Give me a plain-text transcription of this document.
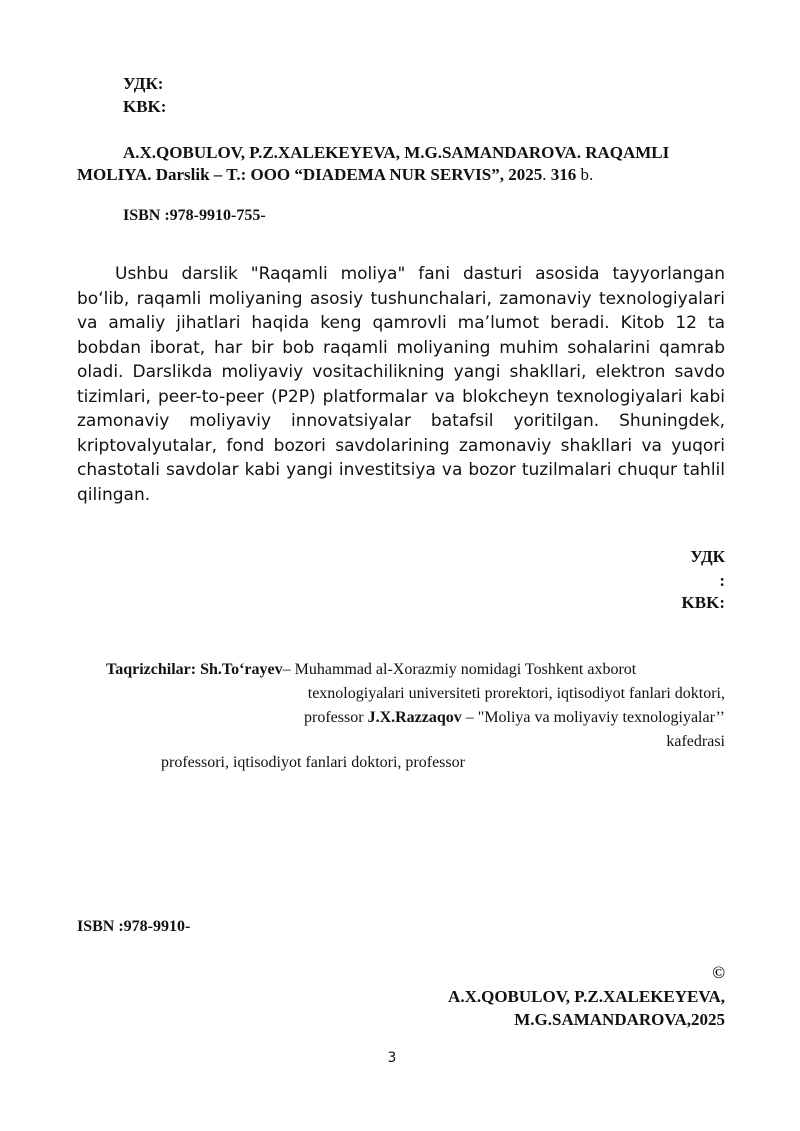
УДК:
KBK:
A.X.QOBULOV, P.Z.XALEKEYEVA, M.G.SAMANDAROVA. RAQAMLI
MOLIYA. Darslik – T.: OOO “DIADEMA NUR SERVIS”, 2025. 316 b.
ISBN :978-9910-755-
Ushbu darslik "Raqamli moliya" fani dasturi asosida tayyorlangan
bo‘lib, raqamli moliyaning asosiy tushunchalari, zamonaviy texnologiyalari
va amaliy jihatlari haqida keng qamrovli ma’lumot beradi. Kitob 12 ta
bobdan iborat, har bir bob raqamli moliyaning muhim sohalarini qamrab
oladi. Darslikda moliyaviy vositachilikning yangi shakllari, elektron savdo
tizimlari, peer-to-peer (P2P) platformalar va blokcheyn texnologiyalari kabi
zamonaviy moliyaviy innovatsiyalar batafsil yoritilgan. Shuningdek,
kriptovalyutalar, fond bozori savdolarining zamonaviy shakllari va yuqori
chastotali savdolar kabi yangi investitsiya va bozor tuzilmalari chuqur tahlil
qilingan.
УДК
:
KBK:
Taqrizchilar: Sh.To‘rayev– Muhammad al-Xorazmiy nomidagi Toshkent axborot
texnologiyalari universiteti prorektori, iqtisodiyot fanlari doktori,
professor J.X.Razzaqov – "Moliya va moliyaviy texnologiyalar’’
kafedrasi
professori, iqtisodiyot fanlari doktori, professor
ISBN :978-9910-
©
A.X.QOBULOV, P.Z.XALEKEYEVA,
M.G.SAMANDAROVA,2025
3
